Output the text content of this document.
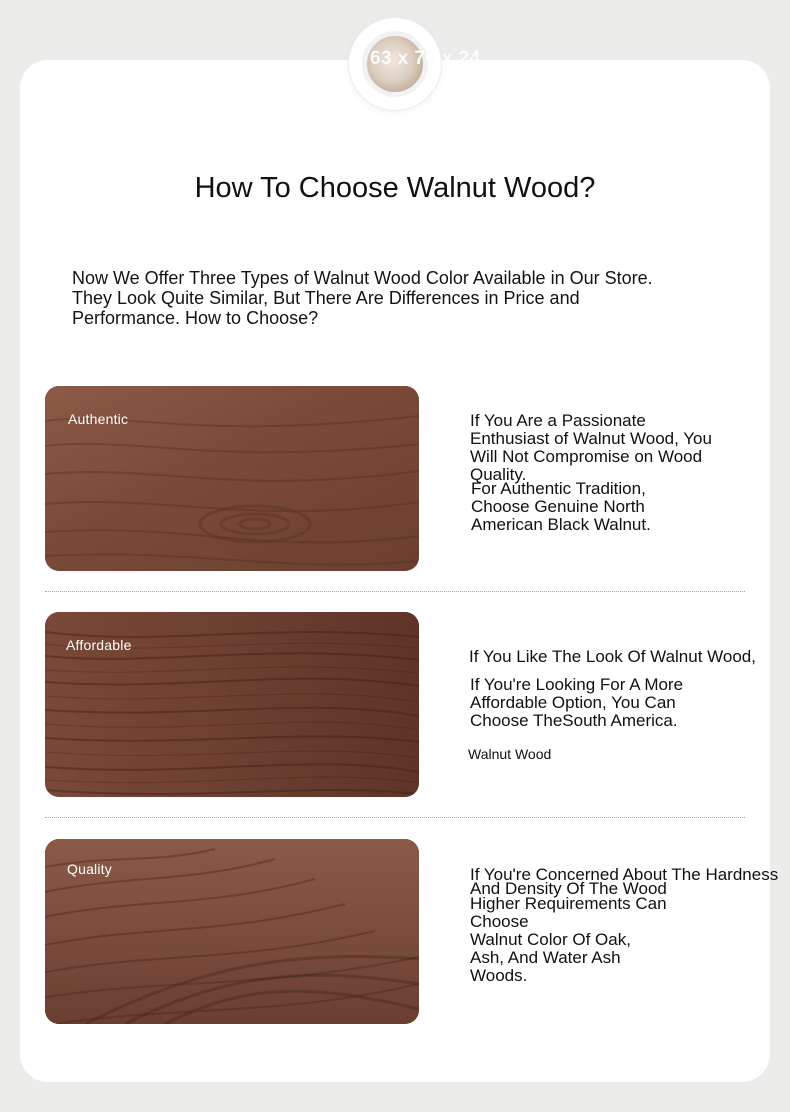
63 x 76 x 24
How To Choose Walnut Wood?
Now We Offer Three Types of Walnut Wood Color Available in Our Store.
They Look Quite Similar, But There Are Differences in Price and
Performance. How to Choose?
Authentic	If You Are a Passionate
Enthusiast of Walnut Wood, You
Will Not Compromise on Wood
Quality.
For Authentic Tradition,
Choose Genuine North
American Black Walnut.
Affordable
If You Like The Look Of Walnut Wood,
If You're Looking For A More
Affordable Option, You Can
Choose TheSouth America.
Walnut Wood
Quality	If You're Concerned About The Hardness
And Density Of The Wood
Higher Requirements Can
Choose
Walnut Color Of Oak,
Ash, And Water Ash
Woods.
